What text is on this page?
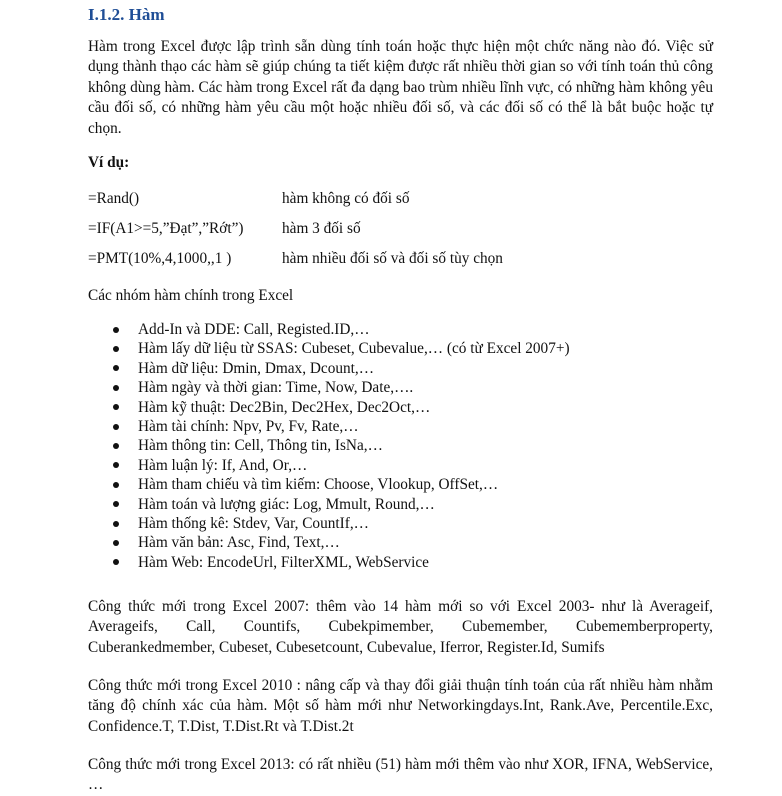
I.1.2. Hàm

Hàm trong Excel được lập trình sẵn dùng tính toán hoặc thực hiện một chức năng nào đó. Việc sử dụng thành thạo các hàm sẽ giúp chúng ta tiết kiệm được rất nhiều thời gian so với tính toán thủ công không dùng hàm. Các hàm trong Excel rất đa dạng bao trùm nhiều lĩnh vực, có những hàm không yêu cầu đối số, có những hàm yêu cầu một hoặc nhiều đối số, và các đối số có thể là bắt buộc hoặc tự chọn.

Ví dụ:
=Rand()	hàm không có đối số
=IF(A1>=5,”Đạt”,”Rớt”)	hàm 3 đối số
=PMT(10%,4,1000,,1 )	hàm nhiều đối số và đối số tùy chọn
Các nhóm hàm chính trong Excel
Add-In và DDE: Call, Registed.ID,…
Hàm lấy dữ liệu từ SSAS: Cubeset, Cubevalue,… (có từ Excel 2007+)
Hàm dữ liệu: Dmin, Dmax, Dcount,…
Hàm ngày và thời gian: Time, Now, Date,….
Hàm kỹ thuật: Dec2Bin, Dec2Hex, Dec2Oct,…
Hàm tài chính: Npv, Pv, Fv, Rate,…
Hàm thông tin: Cell, Thông tin, IsNa,…
Hàm luận lý: If, And, Or,…
Hàm tham chiếu và tìm kiếm: Choose, Vlookup, OffSet,…
Hàm toán và lượng giác: Log, Mmult, Round,…
Hàm thống kê: Stdev, Var, CountIf,…
Hàm văn bản: Asc, Find, Text,…
Hàm Web: EncodeUrl, FilterXML, WebService

Công thức mới trong Excel 2007: thêm vào 14 hàm mới so với Excel 2003- như là Averageif, Averageifs, Call, Countifs, Cubekpimember, Cubemember, Cubememberproperty, Cuberankedmember, Cubeset, Cubesetcount, Cubevalue, Iferror, Register.Id, Sumifs

Công thức mới trong Excel 2010 : nâng cấp và thay đổi giải thuận tính toán của rất nhiều hàm nhằm tăng độ chính xác của hàm. Một số hàm mới như Networkingdays.Int, Rank.Ave, Percentile.Exc, Confidence.T, T.Dist, T.Dist.Rt và T.Dist.2t

Công thức mới trong Excel 2013: có rất nhiều (51) hàm mới thêm vào như XOR, IFNA, WebService, …
